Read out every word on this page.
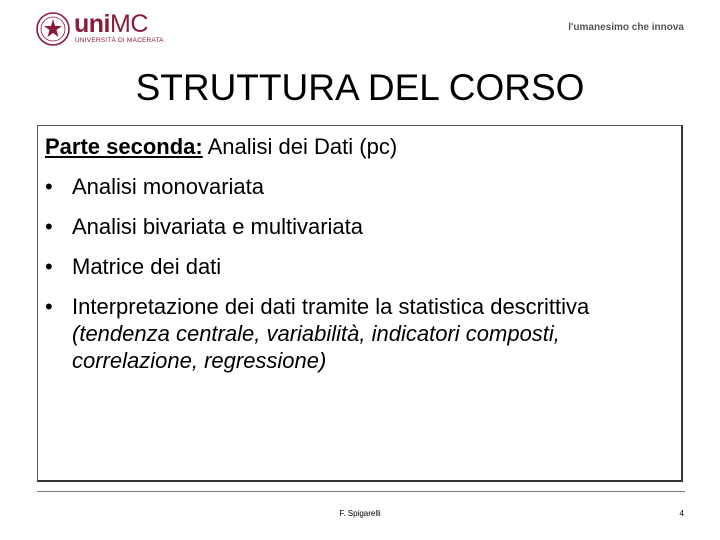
uniMC
UNIVERSITÀ DI MACERATA
l'umanesimo che innova
STRUTTURA DEL CORSO
Parte seconda: Analisi dei Dati (pc)
• Analisi monovariata
• Analisi bivariata e multivariata
• Matrice dei dati
• Interpretazione dei dati tramite la statistica descrittiva (tendenza centrale, variabilità, indicatori composti, correlazione, regressione)
F. Spigarelli	4
